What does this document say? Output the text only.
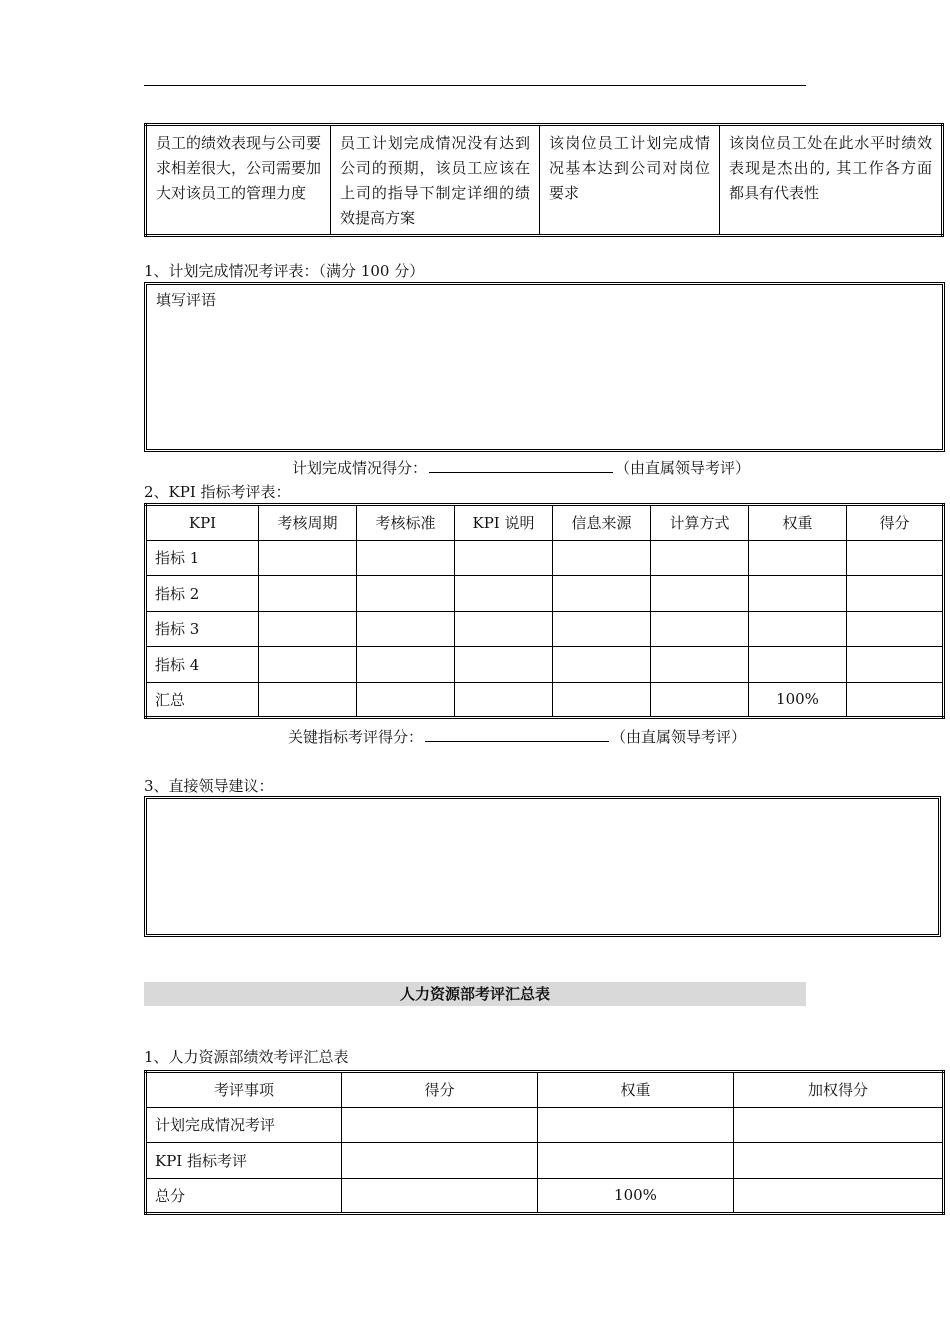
员工的绩效表现与公司要求相差很大，公司需要加大对该员工的管理力度	员工计划完成情况没有达到公司的预期，该员工应该在上司的指导下制定详细的绩效提高方案	该岗位员工计划完成情况基本达到公司对岗位要求	该岗位员工处在此水平时绩效表现是杰出的, 其工作各方面都具有代表性
1、计划完成情况考评表：（满分 100 分）
填写评语
计划完成情况得分：	（由直属领导考评）
2、KPI 指标考评表：
KPI	考核周期	考核标准	KPI 说明	信息来源	计算方式	权重	得分
指标 1							
指标 2							
指标 3							
指标 4							
汇总						100%	
关键指标考评得分：	（由直属领导考评）
3、直接领导建议：
人力资源部考评汇总表
1、人力资源部绩效考评汇总表
考评事项	得分	权重	加权得分
计划完成情况考评			
KPI 指标考评			
总分		100%	
